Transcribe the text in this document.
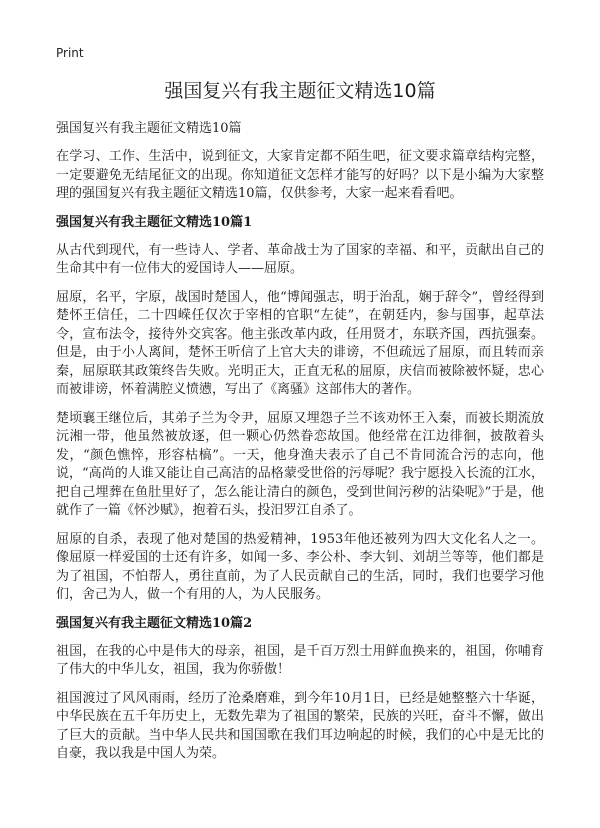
Print
强国复兴有我主题征文精选10篇
强国复兴有我主题征文精选10篇

在学习、工作、生活中，说到征文，大家肯定都不陌生吧，征文要求篇章结构完整，一定要避免无结尾征文的出现。你知道征文怎样才能写的好吗？以下是小编为大家整理的强国复兴有我主题征文精选10篇，仅供参考，大家一起来看看吧。

强国复兴有我主题征文精选10篇1

从古代到现代，有一些诗人、学者、革命战士为了国家的幸福、和平，贡献出自己的生命其中有一位伟大的爱国诗人——屈原。

屈原，名平，字原，战国时楚国人，他“博闻强志，明于治乱，娴于辞令”，曾经得到楚怀王信任，二十四嵘任仅次于宰相的官职“左徒”，在朝廷内，参与国事，起草法令，宣布法令，接待外交宾客。他主张改革内政，任用贤才，东联齐国，西抗强秦。但是，由于小人离间，楚怀王听信了上官大夫的诽谤，不但疏远了屈原，而且转而亲秦，屈原联其政策终告失败。光明正大，正直无私的屈原，庆信而被除被怀疑，忠心而被诽谤，怀着满腔义愤懑，写出了《离骚》这部伟大的著作。

楚顷襄王继位后，其弟子兰为令尹，屈原又埋怨子兰不该劝怀王入秦，而被长期流放沅湘一带，他虽然被放逐，但一颗心仍然眷恋故国。他经常在江边徘徊，披散着头发，“颜色憔悴，形容枯槁”。一天，他身渔夫表示了自己不肯同流合污的志向，他说，“高尚的人谁又能让自己高洁的品格蒙受世俗的污辱呢？我宁愿投入长流的江水，把自己埋葬在鱼肚里好了，怎么能让清白的颜色，受到世间污秽的沾染呢》”于是，他就作了一篇《怀沙赋》，抱着石头，投汨罗江自杀了。

屈原的自杀，表现了他对楚国的热爱精神，1953年他还被列为四大文化名人之一。像屈原一样爱国的士还有许多，如闻一多、李公朴、李大钊、刘胡兰等等，他们都是为了祖国，不怕帮人，勇往直前，为了人民贡献自己的生活，同时，我们也要学习他们，舍己为人，做一个有用的人，为人民服务。

强国复兴有我主题征文精选10篇2

祖国，在我的心中是伟大的母亲，祖国，是千百万烈士用鲜血换来的，祖国，你哺育了伟大的中华儿女，祖国，我为你骄傲！

祖国渡过了风风雨雨，经历了沧桑磨难，到今年10月1日，已经是她整整六十华诞，中华民族在五千年历史上，无数先辈为了祖国的繁荣，民族的兴旺，奋斗不懈，做出了巨大的贡献。当中华人民共和国国歌在我们耳边响起的时候，我们的心中是无比的自豪，我以我是中国人为荣。
